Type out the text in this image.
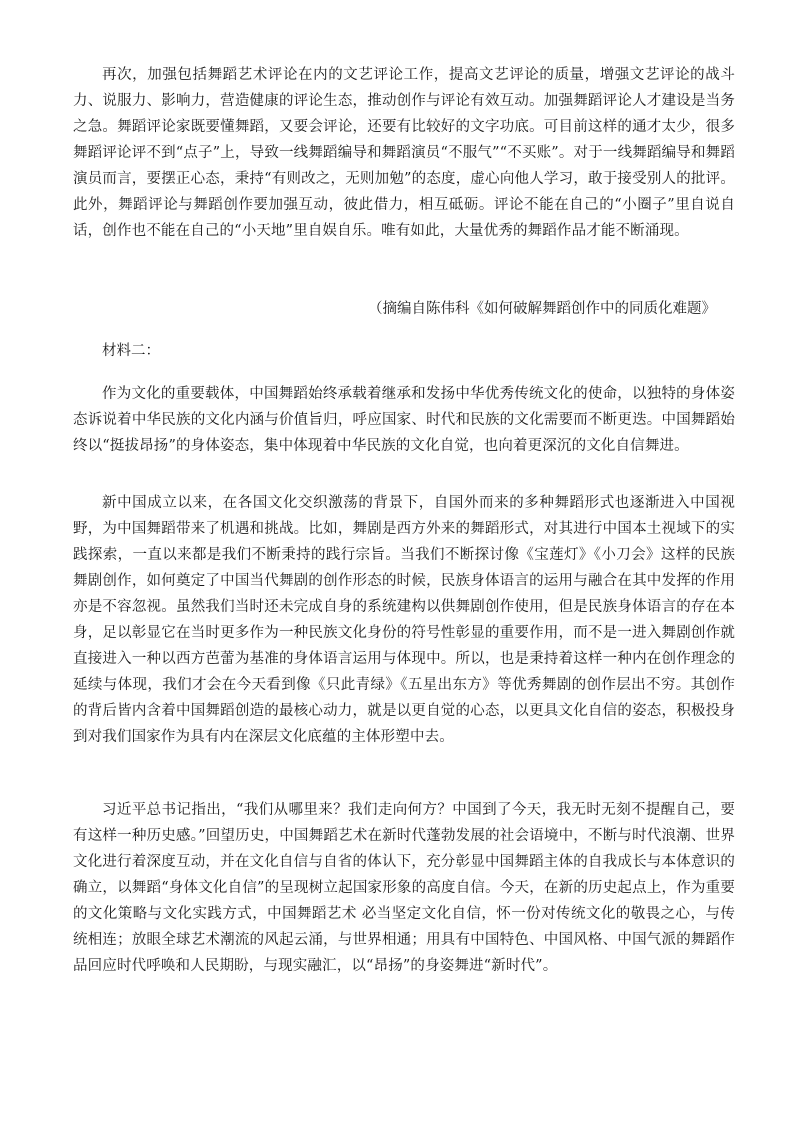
再次，加强包括舞蹈艺术评论在内的文艺评论工作，提高文艺评论的质量，增强文艺评论的战斗力、说服力、影响力，营造健康的评论生态，推动创作与评论有效互动。加强舞蹈评论人才建设是当务之急。舞蹈评论家既要懂舞蹈，又要会评论，还要有比较好的文字功底。可目前这样的通才太少，很多舞蹈评论评不到“点子”上，导致一线舞蹈编导和舞蹈演员“不服气”“不买账”。对于一线舞蹈编导和舞蹈演员而言，要摆正心态，秉持“有则改之，无则加勉”的态度，虚心向他人学习，敢于接受别人的批评。此外，舞蹈评论与舞蹈创作要加强互动，彼此借力，相互砥砺。评论不能在自己的“小圈子”里自说自话，创作也不能在自己的“小天地”里自娱自乐。唯有如此，大量优秀的舞蹈作品才能不断涌现。

（摘编自陈伟科《如何破解舞蹈创作中的同质化难题》

材料二：

作为文化的重要载体，中国舞蹈始终承载着继承和发扬中华优秀传统文化的使命，以独特的身体姿态诉说着中华民族的文化内涵与价值旨归，呼应国家、时代和民族的文化需要而不断更迭。中国舞蹈始终以“挺拔昂扬”的身体姿态，集中体现着中华民族的文化自觉，也向着更深沉的文化自信舞进。

新中国成立以来，在各国文化交织激荡的背景下，自国外而来的多种舞蹈形式也逐渐进入中国视野，为中国舞蹈带来了机遇和挑战。比如，舞剧是西方外来的舞蹈形式，对其进行中国本土视域下的实践探索，一直以来都是我们不断秉持的践行宗旨。当我们不断探讨像《宝莲灯》《小刀会》这样的民族舞剧创作，如何奠定了中国当代舞剧的创作形态的时候，民族身体语言的运用与融合在其中发挥的作用亦是不容忽视。虽然我们当时还未完成自身的系统建构以供舞剧创作使用，但是民族身体语言的存在本身，足以彰显它在当时更多作为一种民族文化身份的符号性彰显的重要作用，而不是一进入舞剧创作就直接进入一种以西方芭蕾为基准的身体语言运用与体现中。所以，也是秉持着这样一种内在创作理念的延续与体现，我们才会在今天看到像《只此青绿》《五星出东方》等优秀舞剧的创作层出不穷。其创作的背后皆内含着中国舞蹈创造的最核心动力，就是以更自觉的心态，以更具文化自信的姿态，积极投身到对我们国家作为具有内在深层文化底蕴的主体形塑中去。

习近平总书记指出，“我们从哪里来？我们走向何方？中国到了今天，我无时无刻不提醒自己，要有这样一种历史感。”回望历史，中国舞蹈艺术在新时代蓬勃发展的社会语境中，不断与时代浪潮、世界文化进行着深度互动，并在文化自信与自省的体认下，充分彰显中国舞蹈主体的自我成长与本体意识的确立，以舞蹈“身体文化自信”的呈现树立起国家形象的高度自信。今天，在新的历史起点上，作为重要的文化策略与文化实践方式，中国舞蹈艺术 必当坚定文化自信，怀一份对传统文化的敬畏之心，与传统相连；放眼全球艺术潮流的风起云涌，与世界相通；用具有中国特色、中国风格、中国气派的舞蹈作品回应时代呼唤和人民期盼，与现实融汇，以“昂扬”的身姿舞进“新时代”。
